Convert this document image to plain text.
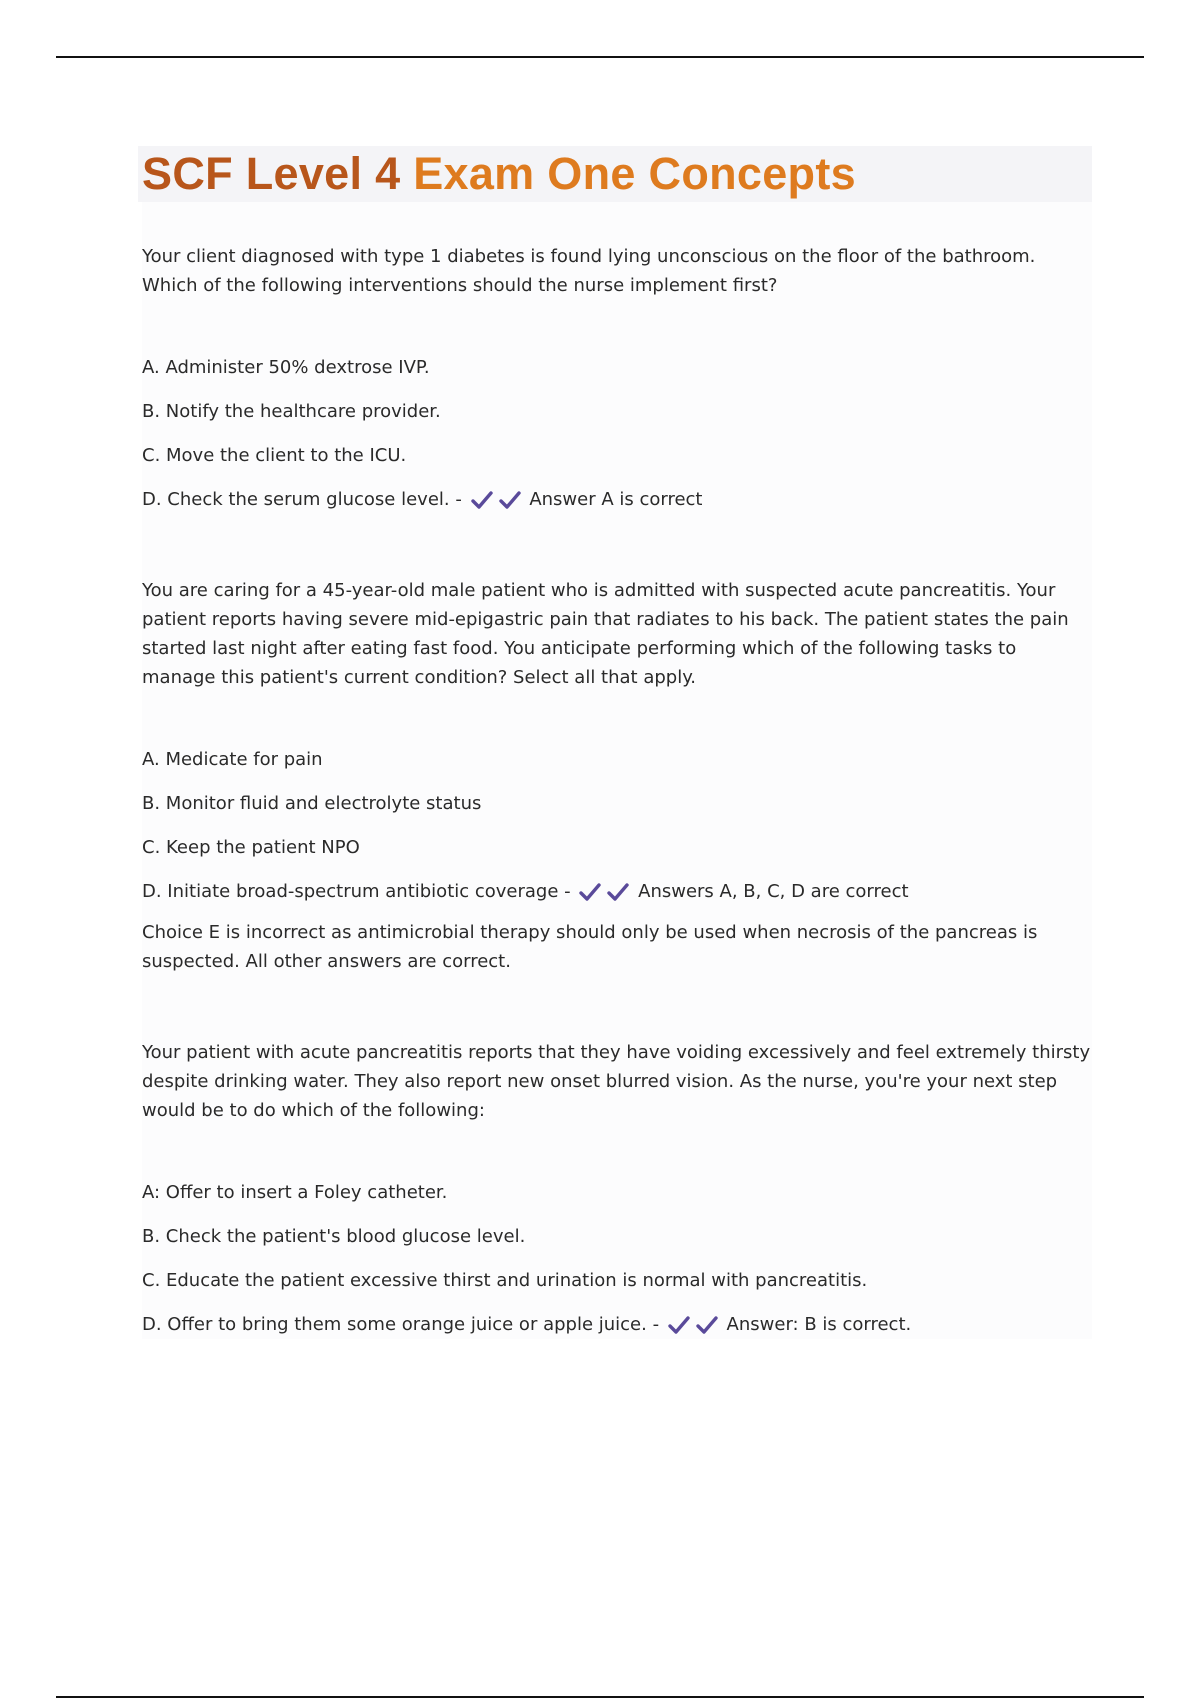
SCF Level 4 Exam One Concepts

Your client diagnosed with type 1 diabetes is found lying unconscious on the floor of the bathroom. Which of the following interventions should the nurse implement first?

A. Administer 50% dextrose IVP.

B. Notify the healthcare provider.

C. Move the client to the ICU.

D. Check the serum glucose level. -	Answer A is correct

You are caring for a 45-year-old male patient who is admitted with suspected acute pancreatitis. Your patient reports having severe mid-epigastric pain that radiates to his back. The patient states the pain started last night after eating fast food. You anticipate performing which of the following tasks to manage this patient's current condition? Select all that apply.

A. Medicate for pain

B. Monitor fluid and electrolyte status

C. Keep the patient NPO

D. Initiate broad-spectrum antibiotic coverage -	Answers A, B, C, D are correct

Choice E is incorrect as antimicrobial therapy should only be used when necrosis of the pancreas is suspected. All other answers are correct.

Your patient with acute pancreatitis reports that they have voiding excessively and feel extremely thirsty despite drinking water. They also report new onset blurred vision. As the nurse, you're your next step would be to do which of the following:

A: Offer to insert a Foley catheter.

B. Check the patient's blood glucose level.

C. Educate the patient excessive thirst and urination is normal with pancreatitis.

D. Offer to bring them some orange juice or apple juice. -	Answer: B is correct.
